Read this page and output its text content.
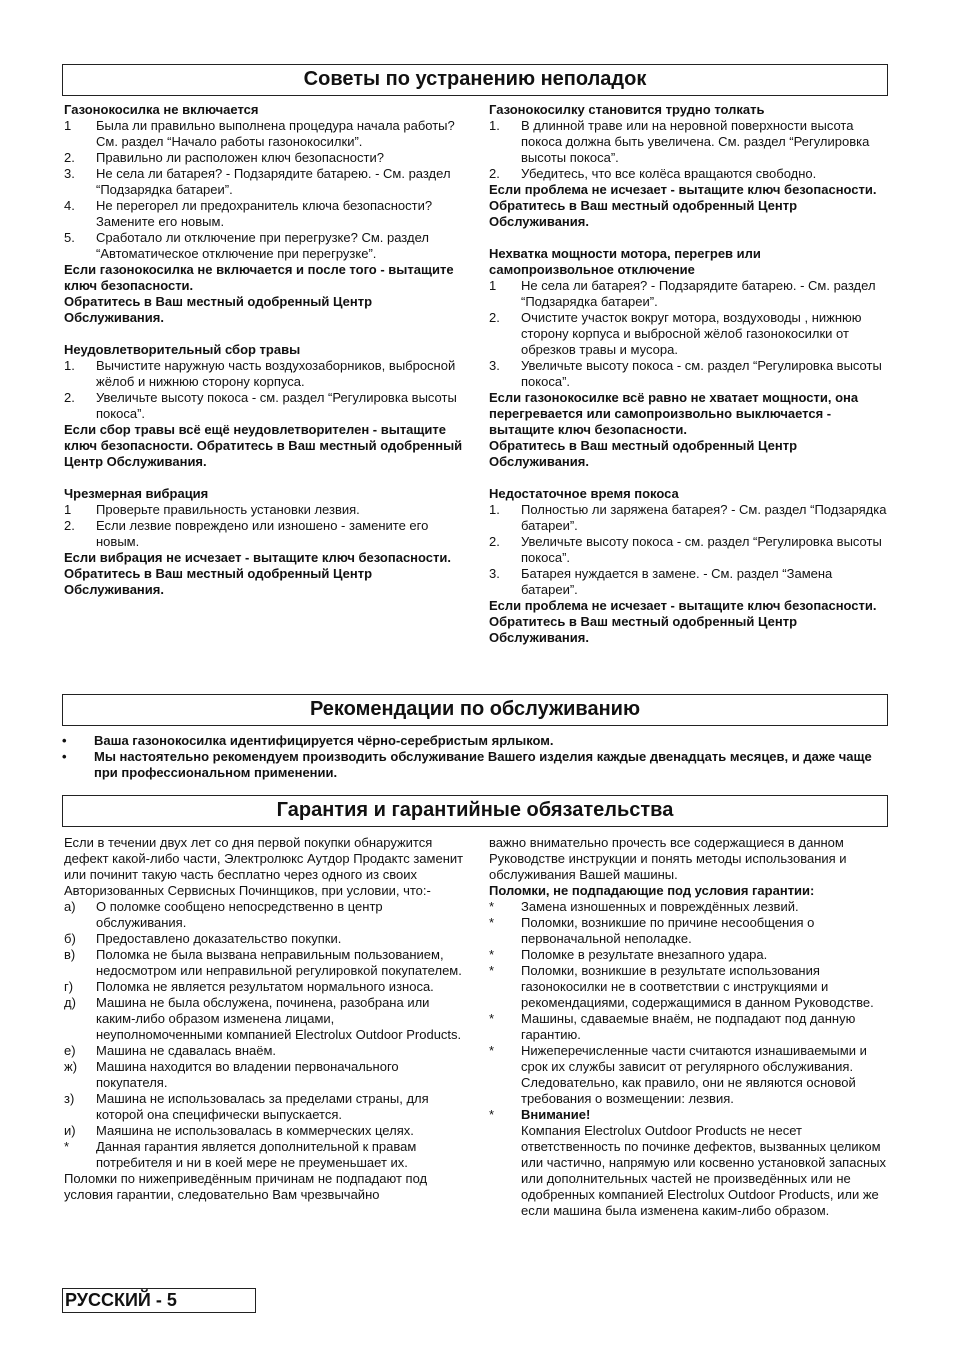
Советы по устранению неполадок

Газонокосилка не включается

1	Была ли правильно выполнена процедура начала работы? См. раздел “Начало работы газонокосилки”.
2.	Правильно ли расположен ключ безопасности?
3.	Не села ли батарея? - Подзарядите батарею. - См. раздел “Подзарядка батареи”.
4.	Не перегорел ли предохранитель ключа безопасности? Замените его новым.
5.	Сработало ли отключение при перегрузке? См. раздел “Автоматическое отключение при перегрузке”.

Если газонокосилка не включается и после того - вытащите ключ безопасности.

Обратитесь в Ваш местный одобренный Центр Обслуживания.

Неудовлетворительный сбор травы

1.	Вычистите наружную часть воздухозаборников, выбросной жёлоб и нижнюю сторону корпуса.
2.	Увеличьте высоту покоса - см. раздел “Регулировка высоты покоса”.

Если сбор травы всё ещё неудовлетворителен - вытащите ключ безопасности. Обратитесь в Ваш местный одобренный Центр Обслуживания.

Чрезмерная вибрация

1	Проверьте правильность установки лезвия.
2.	Если лезвие повреждено или изношено - замените его новым.

Если вибрация не исчезает - вытащите ключ безопасности.

Обратитесь в Ваш местный одобренный Центр Обслуживания.

Газонокосилку становится трудно толкать

1.	В длинной траве или на неровной поверхности высота покоса должна быть увеличена. См. раздел “Регулировка высоты покоса”.
2.	Убедитесь, что все колёса вращаются свободно.

Если проблема не исчезает - вытащите ключ безопасности.

Обратитесь в Ваш местный одобренный Центр Обслуживания.

Нехватка мощности мотора, перегрев или самопроизвольное отключение

1	Не села ли батарея? - Подзарядите батарею. - См. раздел “Подзарядка батареи”.
2.	Очистите участок вокруг мотора, воздуховоды , нижнюю сторону корпуса и выбросной жёлоб газонокосилки от обрезков травы и мусора.
3.	Увеличьте высоту покоса - см. раздел “Регулировка высоты покоса”.

Если газонокосилке всё равно не хватает мощности, она перегревается или самопроизвольно выключается - вытащите ключ безопасности.

Обратитесь в Ваш местный одобренный Центр Обслуживания.

Недостаточное время покоса

1.	Полностью ли заряжена батарея? - См. раздел “Подзарядка батареи”.
2.	Увеличьте высоту покоса - см. раздел “Регулировка высоты покоса”.
3.	Батарея нуждается в замене. - См. раздел “Замена батареи”.

Если проблема не исчезает - вытащите ключ безопасности.

Обратитесь в Ваш местный одобренный Центр Обслуживания.

Рекомендации по обслуживанию
•	Ваша газонокосилка идентифицируется чёрно-серебристым ярлыком.
•	Мы настоятельно рекомендуем производить обслуживание Вашего изделия каждые двенадцать месяцев, и даже чаще при профессиональном применении.
Гарантия и гарантийные обязательства

Если в течении двух лет со дня первой покупки обнаружится дефект какой-либо части, Электролюкс Аутдор Продактс заменит или починит такую часть бесплатно через одного из своих Авторизованных Сервисных Починщиков, при условии, что:-

а)	О поломке сообщено непосредственно в центр обслуживания.
б)	Предоставлено доказательство покупки.
в)	Поломка не была вызвана неправильным пользованием, недосмотром или неправильной регулировкой покупателем.
г)	Поломка не является результатом нормального износа.
д)	Машина не была обслужена, починена, разобрана или каким-либо образом изменена лицами, неуполномоченными компанией Electrolux Outdoor Products.
е)	Машина не сдавалась внаём.
ж)	Машина находится во владении первоначального покупателя.
з)	Машина не использовалась за пределами страны, для которой она специфически выпускается.
и)	Маяшина не использовалась в коммерческих целях.
*	Данная гарантия является дополнительной к правам потребителя и ни в коей мере не преуменьшает их.

Поломки по нижеприведённым причинам не подпадают под условия гарантии, следовательно Вам чрезвычайно

важно внимательно прочесть все содержащиеся в данном Руководстве инструкции и понять методы использования и обслуживания Вашей машины.

Поломки, не подпадающие под условия гарантии:

*	Замена изношенных и повреждённых лезвий.
*	Поломки, возникшие по причине несообщения о первоначальной неполадке.
*	Поломке в результате внезапного удара.
*	Поломки, возникшие в результате использования газонокосилки не в соответствии с инструкциями и рекомендациями, содержащимися в данном Руководстве.
*	Машины, сдаваемые внаём, не подпадают под данную гарантию.
*	Нижеперечисленные части считаются изнашиваемыми и срок их службы зависит от регулярного обслуживания. Следовательно, как правило, они не являются основой требования о возмещении: лезвия.
*	Внимание!

Компания Electrolux Outdoor Products не несет ответственность по починке дефектов, вызванных целиком или частично, напрямую или косвенно установкой запасных или дополнительных частей не произведённых или не одобренных компанией Electrolux Outdoor Products, или же если машина была изменена каким-либо образом.

РУССКИЙ - 5
